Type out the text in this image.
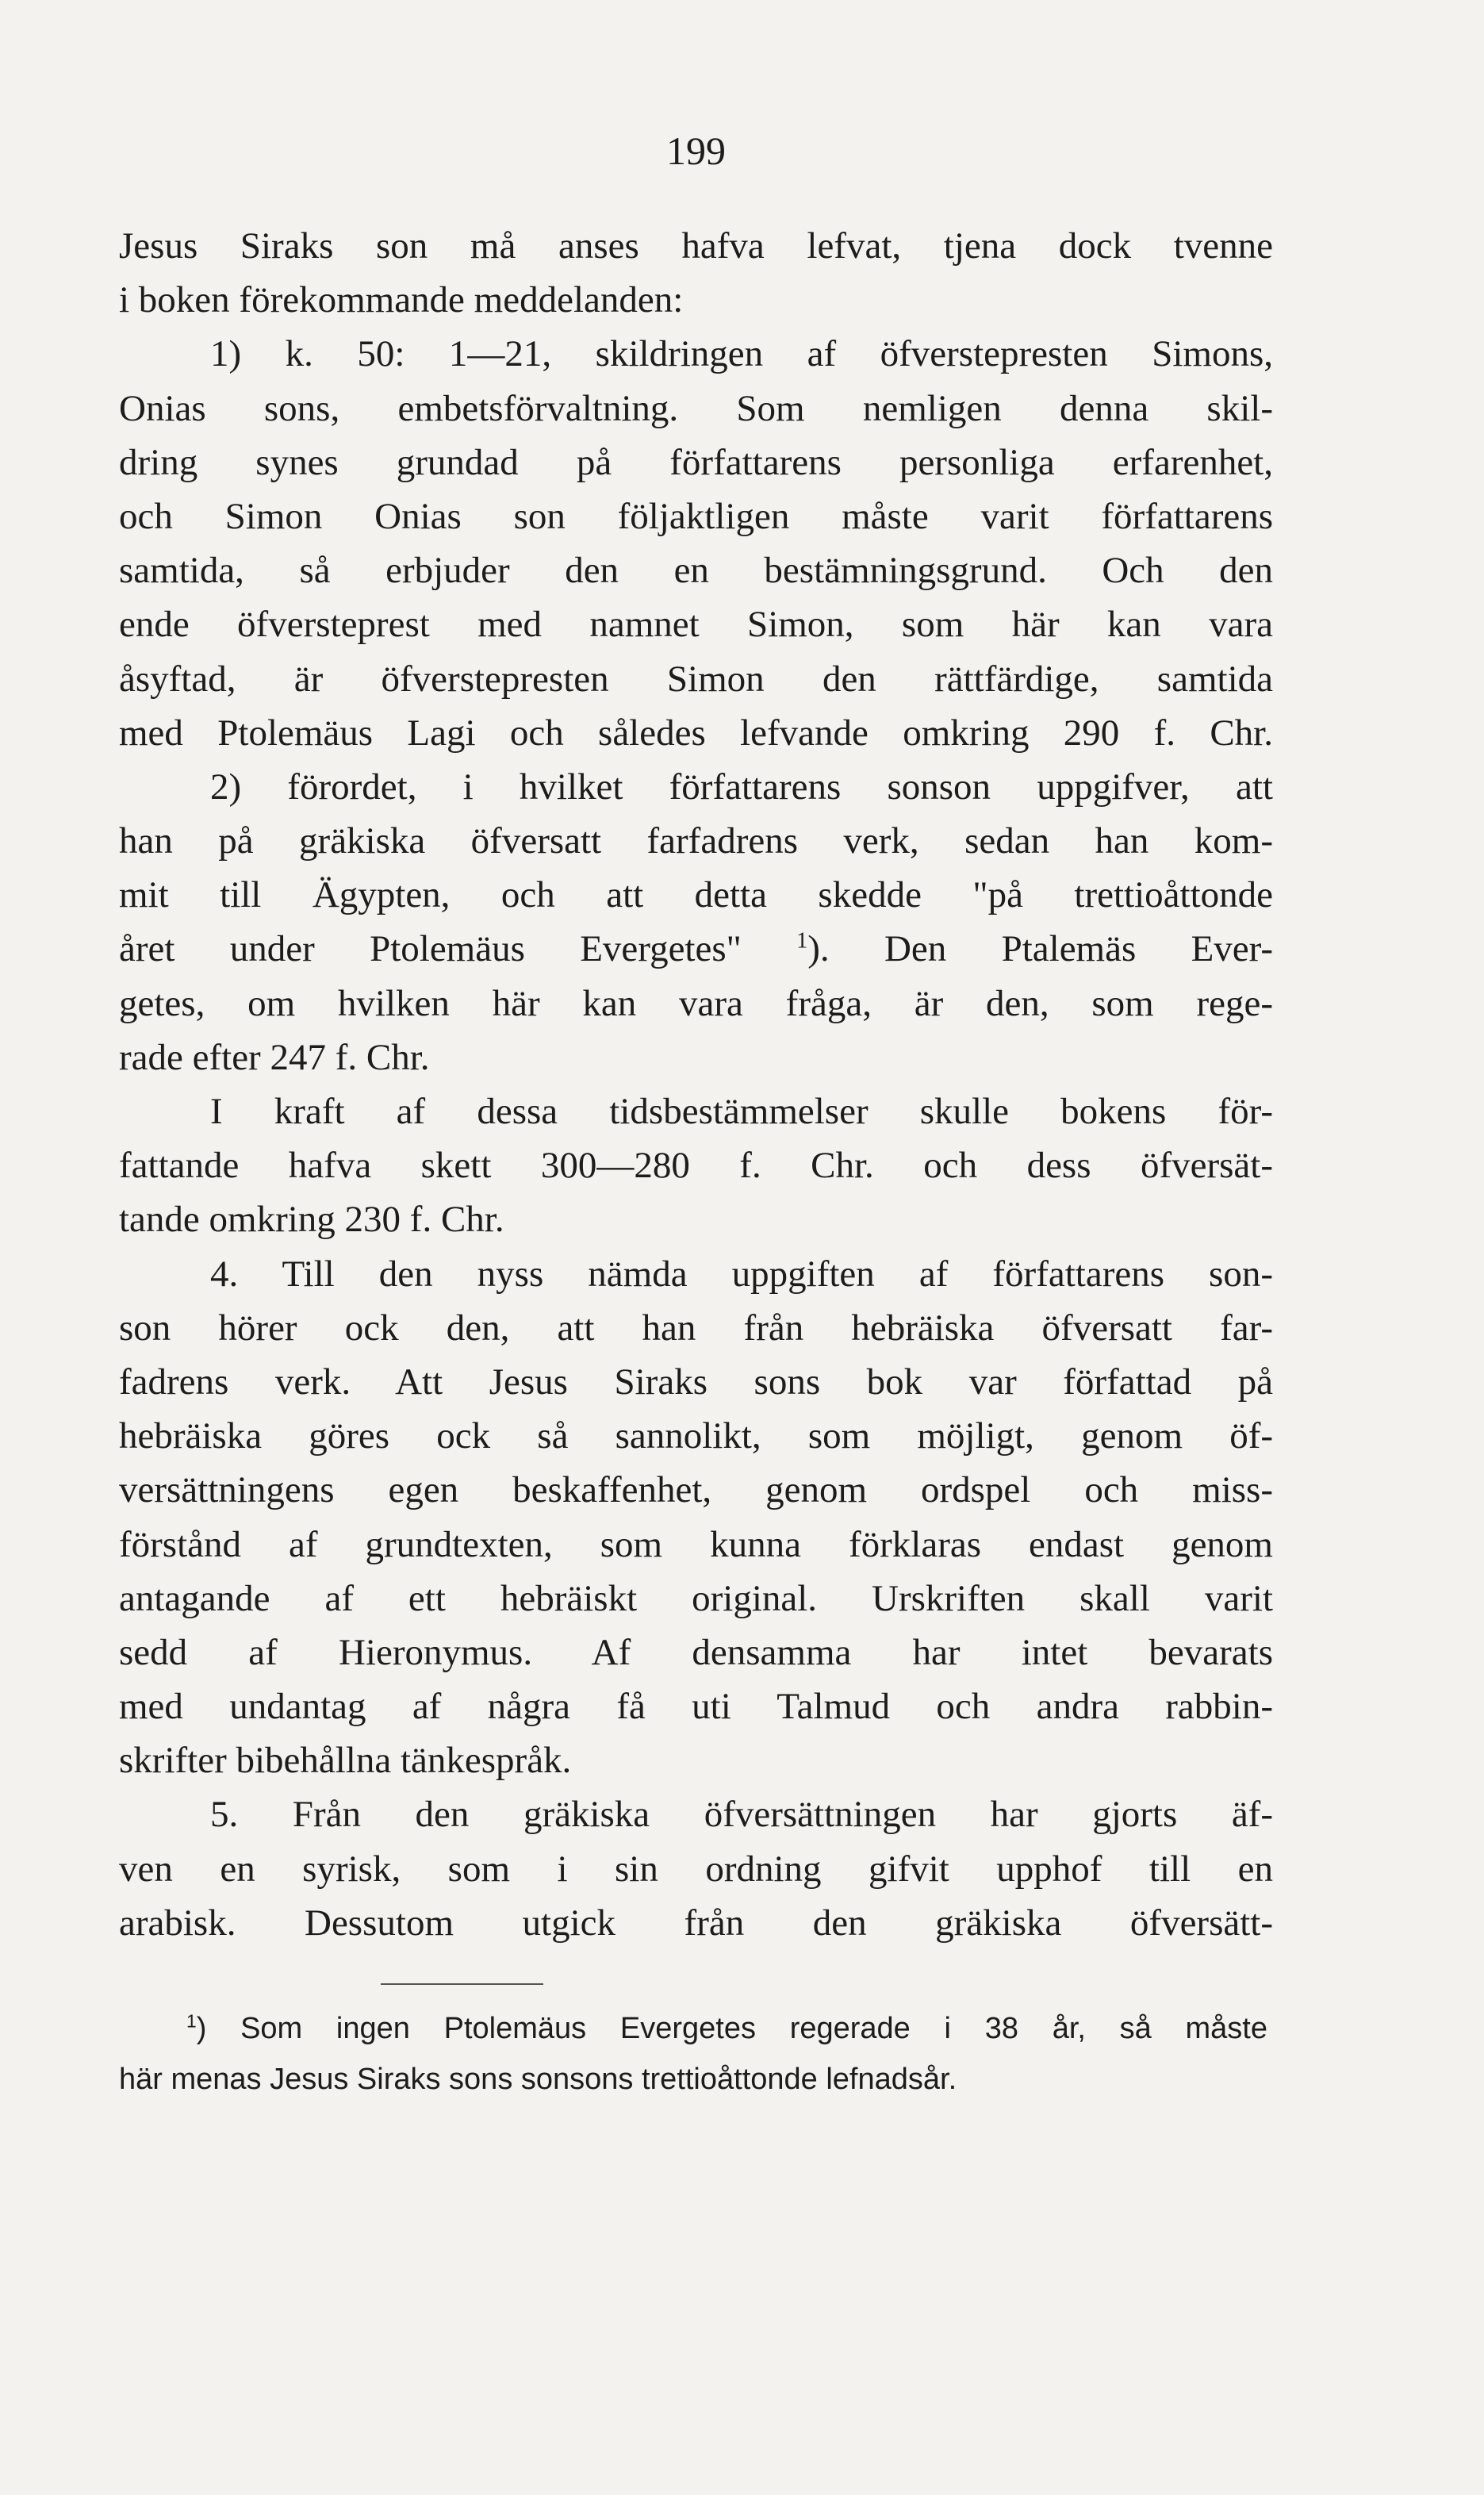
199
Jesus Siraks son må anses hafva lefvat, tjena dock tvenne
i boken förekommande meddelanden:
1) k. 50: 1—21, skildringen af öfverstepresten Simons,
Onias sons, embetsförvaltning. Som nemligen denna skil-
dring synes grundad på författarens personliga erfarenhet,
och Simon Onias son följaktligen måste varit författarens
samtida, så erbjuder den en bestämningsgrund. Och den
ende öfversteprest med namnet Simon, som här kan vara
åsyftad, är öfverstepresten Simon den rättfärdige, samtida
med Ptolemäus Lagi och således lefvande omkring 290 f. Chr.
2) förordet, i hvilket författarens sonson uppgifver, att
han på gräkiska öfversatt farfadrens verk, sedan han kom-
mit till Ägypten, och att detta skedde "på trettioåttonde
året under Ptolemäus Evergetes" $^1$). Den Ptalemäs Ever-
getes, om hvilken här kan vara fråga, är den, som rege-
rade efter 247 f. Chr.
I kraft af dessa tidsbestämmelser skulle bokens för-
fattande hafva skett 300—280 f. Chr. och dess öfversät-
tande omkring 230 f. Chr.
4. Till den nyss nämda uppgiften af författarens son-
son hörer ock den, att han från hebräiska öfversatt far-
fadrens verk. Att Jesus Siraks sons bok var författad på
hebräiska göres ock så sannolikt, som möjligt, genom öf-
versättningens egen beskaffenhet, genom ordspel och miss-
förstånd af grundtexten, som kunna förklaras endast genom
antagande af ett hebräiskt original. Urskriften skall varit
sedd af Hieronymus. Af densamma har intet bevarats
med undantag af några få uti Talmud och andra rabbin-
skrifter bibehållna tänkespråk.
5. Från den gräkiska öfversättningen har gjorts äf-
ven en syrisk, som i sin ordning gifvit upphof till en
arabisk. Dessutom utgick från den gräkiska öfversätt-
$^1$) Som ingen Ptolemäus Evergetes regerade i 38 år, så måste
här menas Jesus Siraks sons sonsons trettioåttonde lefnadsår.
